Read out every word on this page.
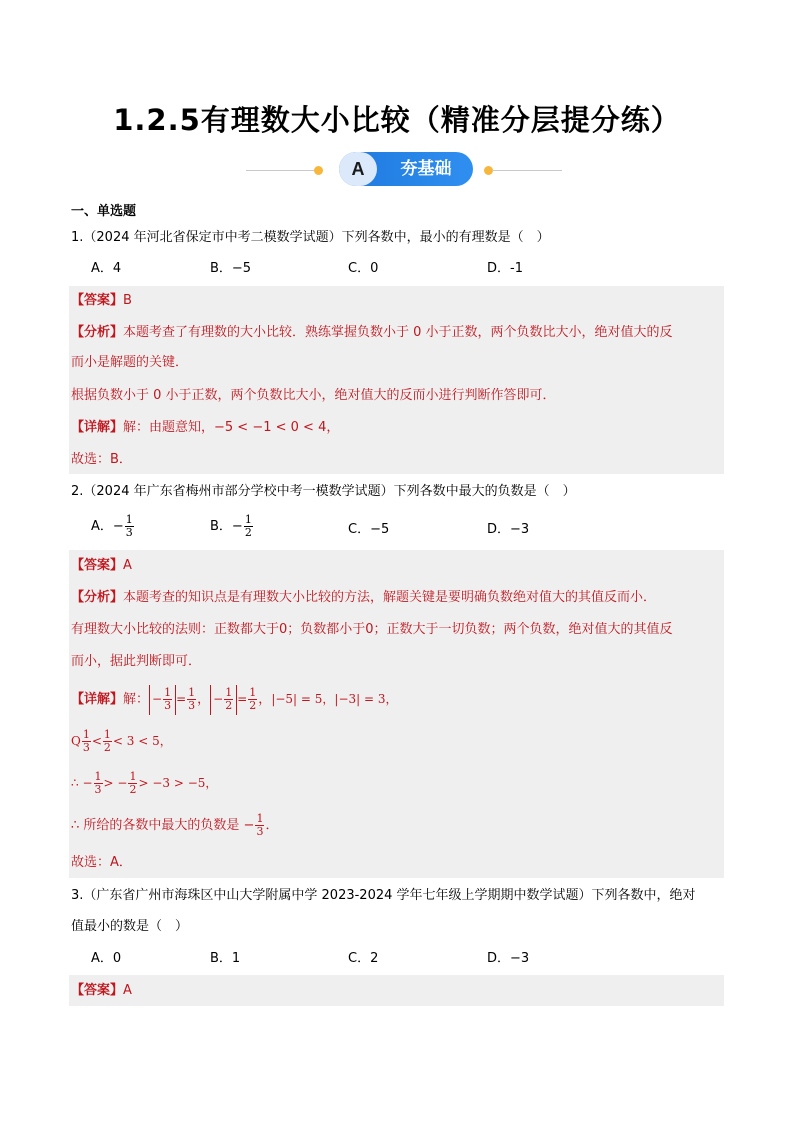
1.2.5有理数大小比较（精准分层提分练）
A	夯基础
一、单选题
1.（2024 年河北省保定市中考二模数学试题）下列各数中，最小的有理数是（　）
A．4	B．−5	C．0	D．-1
【答案】B
【分析】本题考查了有理数的大小比较．熟练掌握负数小于 0 小于正数，两个负数比大小，绝对值大的反
而小是解题的关键．
根据负数小于 0 小于正数，两个负数比大小，绝对值大的反而小进行判断作答即可．
【详解】解：由题意知，−5 < −1 < 0 < 4，
故选：B．
2.（2024 年广东省梅州市部分学校中考一模数学试题）下列各数中最大的负数是（　）
A．− $\frac{1}{3}$	B．− $\frac{1}{2}$	C．−5	D．−3
【答案】A
【分析】本题考查的知识点是有理数大小比较的方法，解题关键是要明确负数绝对值大的其值反而小．
有理数大小比较的法则：正数都大于0；负数都小于0；正数大于一切负数；两个负数，绝对值大的其值反
而小，据此判断即可．
【详解】解： − $\frac{1}{3} = \frac{1}{3}$ ， − $\frac{1}{2} = \frac{1}{2}$ ，|−5| = 5，|−3| = 3，
Q $\frac{1}{3} < \frac{1}{2} < 3 < 5$，
∴ − $\frac{1}{3}$ > − $\frac{1}{2} > -3 > -5$，
∴ 所给的各数中最大的负数是 − $\frac{1}{3}$ ．
故选：A．
3.（广东省广州市海珠区中山大学附属中学 2023-2024 学年七年级上学期期中数学试题）下列各数中，绝对
值最小的数是（　）
A．0	B．1	C．2	D．−3
【答案】A
